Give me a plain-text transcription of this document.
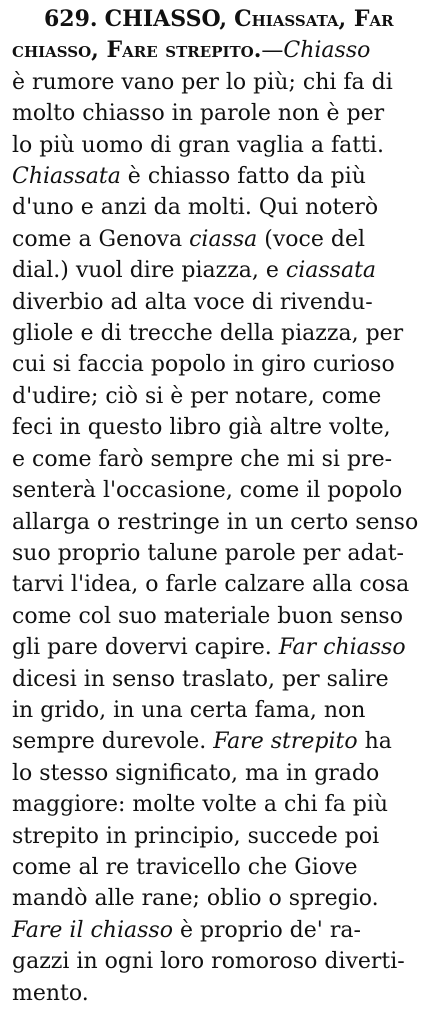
629. CHIASSO, Chiassata, Far
chiasso, Fare strepito.—Chiasso
è rumore vano per lo più; chi fa di
molto chiasso in parole non è per
lo più uomo di gran vaglia a fatti.
Chiassata è chiasso fatto da più
d'uno e anzi da molti. Qui noterò
come a Genova ciassa (voce del
dial.) vuol dire piazza, e ciassata
diverbio ad alta voce di rivendu-
gliole e di trecche della piazza, per
cui si faccia popolo in giro curioso
d'udire; ciò si è per notare, come
feci in questo libro già altre volte,
e come farò sempre che mi si pre-
senterà l'occasione, come il popolo
allarga o restringe in un certo senso
suo proprio talune parole per adat-
tarvi l'idea, o farle calzare alla cosa
come col suo materiale buon senso
gli pare dovervi capire. Far chiasso
dicesi in senso traslato, per salire
in grido, in una certa fama, non
sempre durevole. Fare strepito ha
lo stesso significato, ma in grado
maggiore: molte volte a chi fa più
strepito in principio, succede poi
come al re travicello che Giove
mandò alle rane; oblio o spregio.
Fare il chiasso è proprio de' ra-
gazzi in ogni loro romoroso diverti-
mento.
